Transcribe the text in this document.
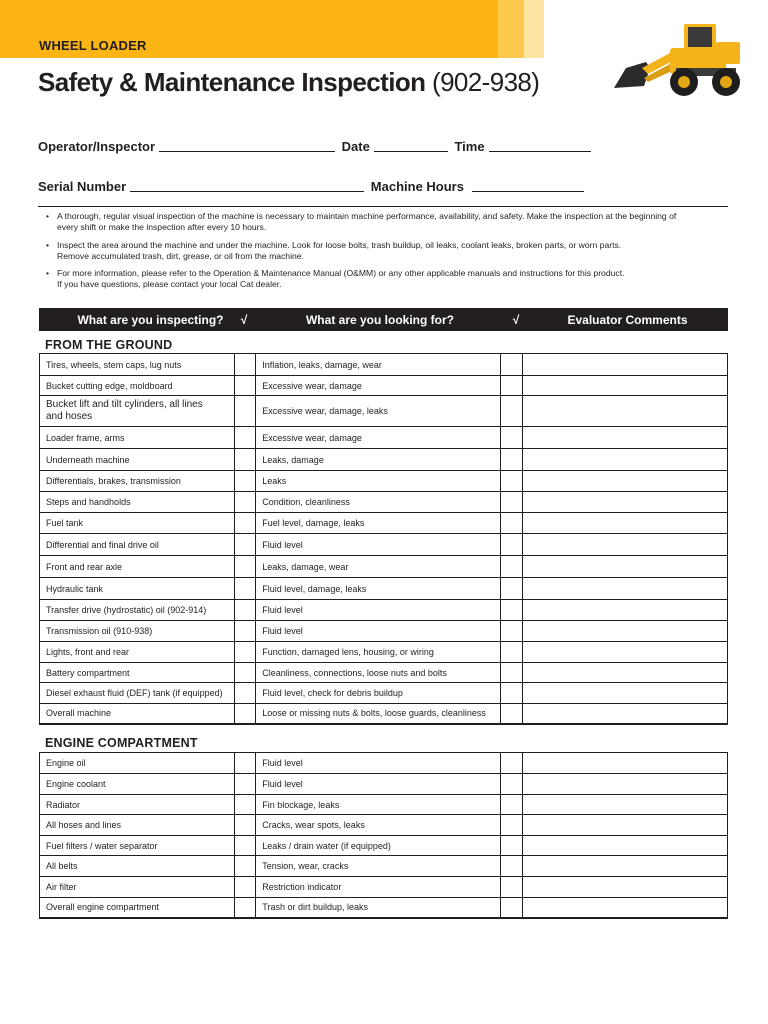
WHEEL LOADER
Safety & Maintenance Inspection (902-938)
Operator/Inspector	Date	Time
Serial Number	Machine Hours
• A thorough, regular visual inspection of the machine is necessary to maintain machine performance, availability, and safety. Make the inspection at the beginning of
every shift or make the inspection after every 10 hours.
• Inspect the area around the machine and under the machine. Look for loose bolts, trash buildup, oil leaks, coolant leaks, broken parts, or worn parts.
Remove accumulated trash, dirt, grease, or oil from the machine.
• For more information, please refer to the Operation & Maintenance Manual (O&MM) or any other applicable manuals and instructions for this product.
If you have questions, please contact your local Cat dealer.
What are you inspecting?	√	What are you looking for?	√	Evaluator Comments
FROM THE GROUND
Tires, wheels, stem caps, lug nuts		Inflation, leaks, damage, wear		
Bucket cutting edge, moldboard		Excessive wear, damage		
Bucket lift and tilt cylinders, all lines and hoses		Excessive wear, damage, leaks		
Loader frame, arms		Excessive wear, damage		
Underneath machine		Leaks, damage		
Differentials, brakes, transmission		Leaks		
Steps and handholds		Condition, cleanliness		
Fuel tank		Fuel level, damage, leaks		
Differential and final drive oil		Fluid level		
Front and rear axle		Leaks, damage, wear		
Hydraulic tank		Fluid level, damage, leaks		
Transfer drive (hydrostatic) oil (902-914)		Fluid level		
Transmission oil (910-938)		Fluid level		
Lights, front and rear		Function, damaged lens, housing, or wiring		
Battery compartment		Cleanliness, connections, loose nuts and bolts		
Diesel exhaust fluid (DEF) tank (if equipped)		Fluid level, check for debris buildup		
Overall machine		Loose or missing nuts & bolts, loose guards, cleanliness		
ENGINE COMPARTMENT
Engine oil		Fluid level		
Engine coolant		Fluid level		
Radiator		Fin blockage, leaks		
All hoses and lines		Cracks, wear spots, leaks		
Fuel filters / water separator		Leaks / drain water (if equipped)		
All belts		Tension, wear, cracks		
Air filter		Restriction indicator		
Overall engine compartment		Trash or dirt buildup, leaks		
